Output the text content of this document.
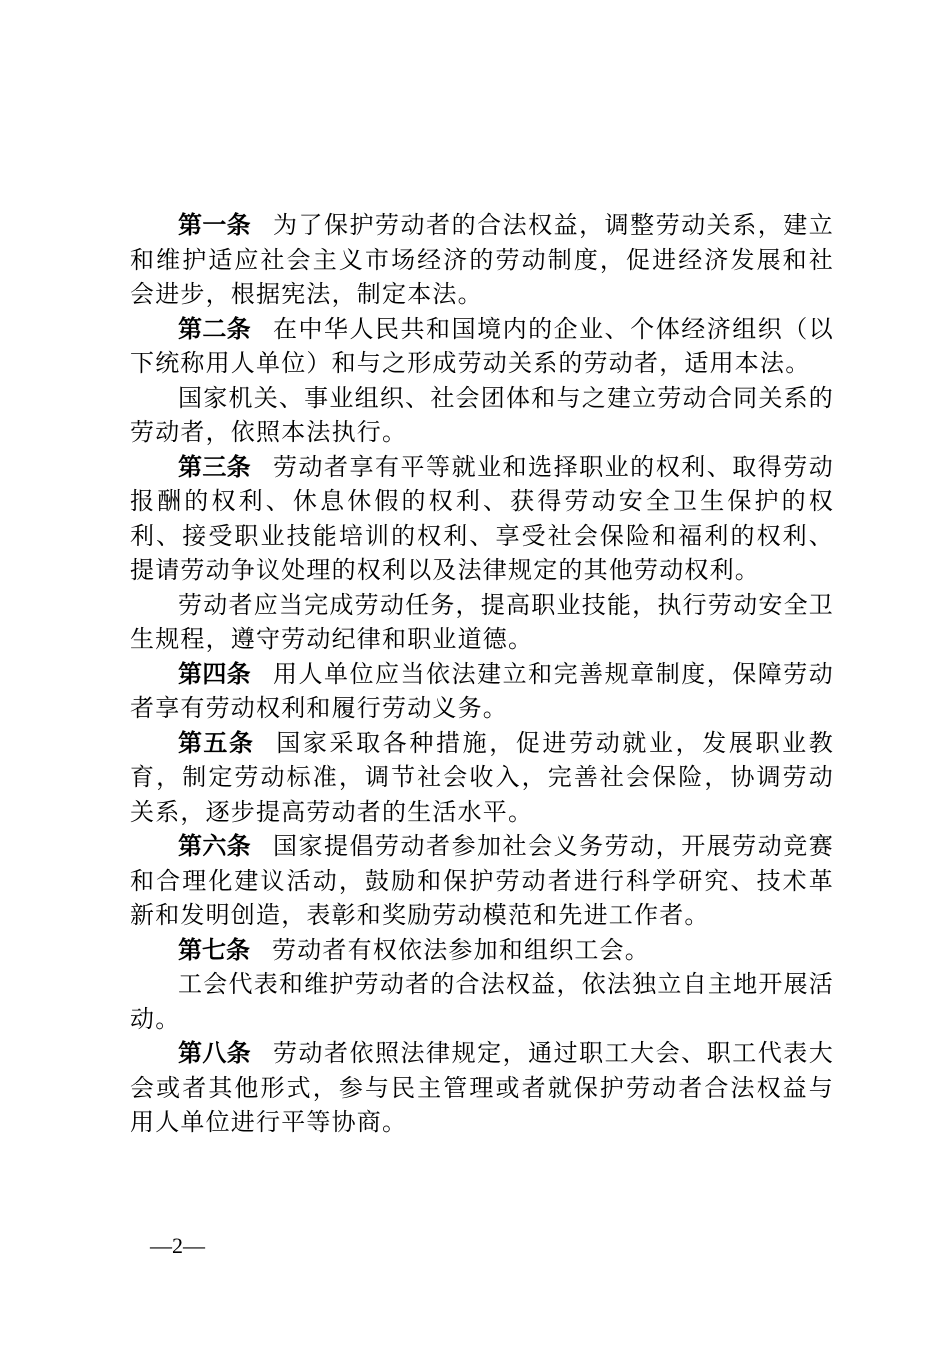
第一条 为了保护劳动者的合法权益，调整劳动关系，建立和维护适应社会主义市场经济的劳动制度，促进经济发展和社会进步，根据宪法，制定本法。

第二条 在中华人民共和国境内的企业、个体经济组织（以下统称用人单位）和与之形成劳动关系的劳动者，适用本法。

国家机关、事业组织、社会团体和与之建立劳动合同关系的劳动者，依照本法执行。

第三条 劳动者享有平等就业和选择职业的权利、取得劳动报酬的权利、休息休假的权利、获得劳动安全卫生保护的权利、接受职业技能培训的权利、享受社会保险和福利的权利、提请劳动争议处理的权利以及法律规定的其他劳动权利。

劳动者应当完成劳动任务，提高职业技能，执行劳动安全卫生规程，遵守劳动纪律和职业道德。

第四条 用人单位应当依法建立和完善规章制度，保障劳动者享有劳动权利和履行劳动义务。

第五条 国家采取各种措施，促进劳动就业，发展职业教育，制定劳动标准，调节社会收入，完善社会保险，协调劳动关系，逐步提高劳动者的生活水平。

第六条 国家提倡劳动者参加社会义务劳动，开展劳动竞赛和合理化建议活动，鼓励和保护劳动者进行科学研究、技术革新和发明创造，表彰和奖励劳动模范和先进工作者。

第七条 劳动者有权依法参加和组织工会。

工会代表和维护劳动者的合法权益，依法独立自主地开展活动。

第八条 劳动者依照法律规定，通过职工大会、职工代表大会或者其他形式，参与民主管理或者就保护劳动者合法权益与用人单位进行平等协商。

—2—
